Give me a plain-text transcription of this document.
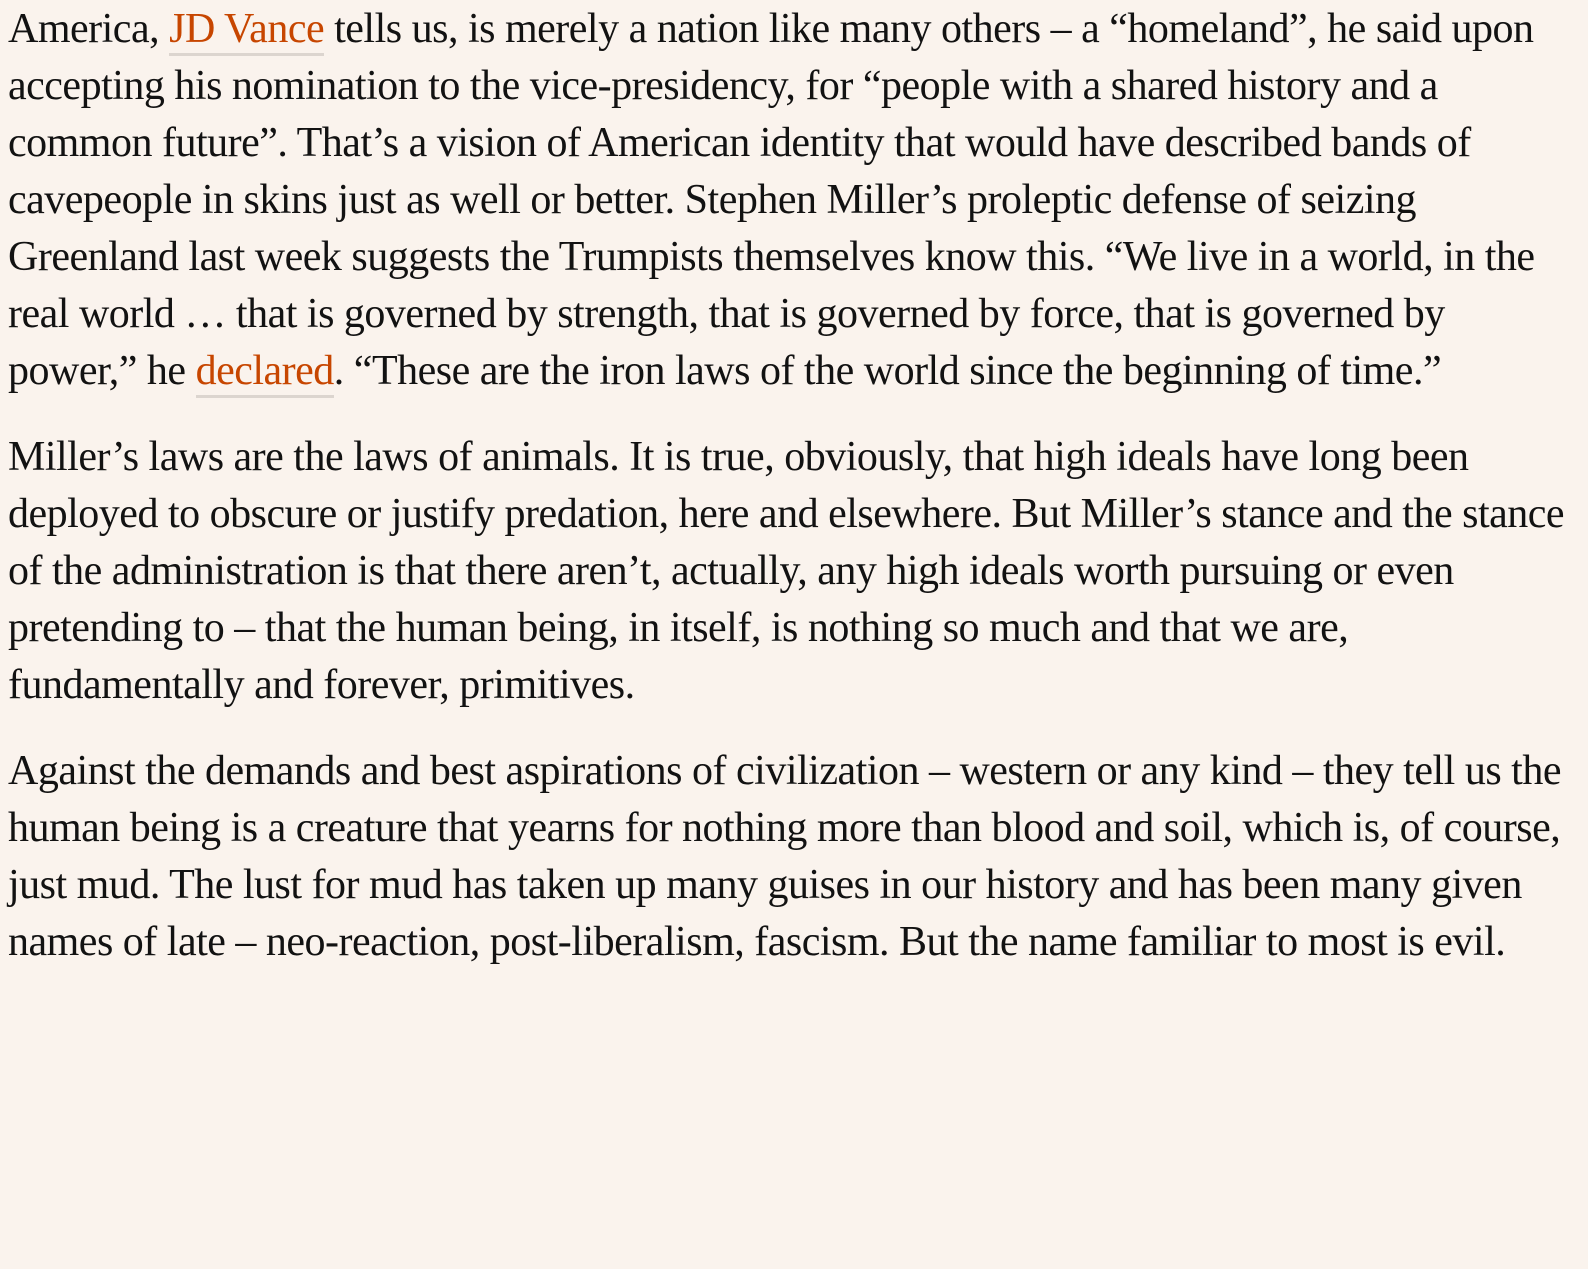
America, JD Vance tells us, is merely a nation like many others – a “homeland”, he said upon accepting his nomination to the vice-presidency, for “people with a shared history and a common future”. That’s a vision of American identity that would have described bands of cavepeople in skins just as well or better. Stephen Miller’s proleptic defense of seizing Greenland last week suggests the Trumpists themselves know this. “We live in a world, in the real world … that is governed by strength, that is governed by force, that is governed by power,” he declared. “These are the iron laws of the world since the beginning of time.”

Miller’s laws are the laws of animals. It is true, obviously, that high ideals have long been deployed to obscure or justify predation, here and elsewhere. But Miller’s stance and the stance of the administration is that there aren’t, actually, any high ideals worth pursuing or even pretending to – that the human being, in itself, is nothing so much and that we are, fundamentally and forever, primitives.

Against the demands and best aspirations of civilization – western or any kind – they tell us the human being is a creature that yearns for nothing more than blood and soil, which is, of course, just mud. The lust for mud has taken up many guises in our history and has been many given names of late – neo-reaction, post-liberalism, fascism. But the name familiar to most is evil.
